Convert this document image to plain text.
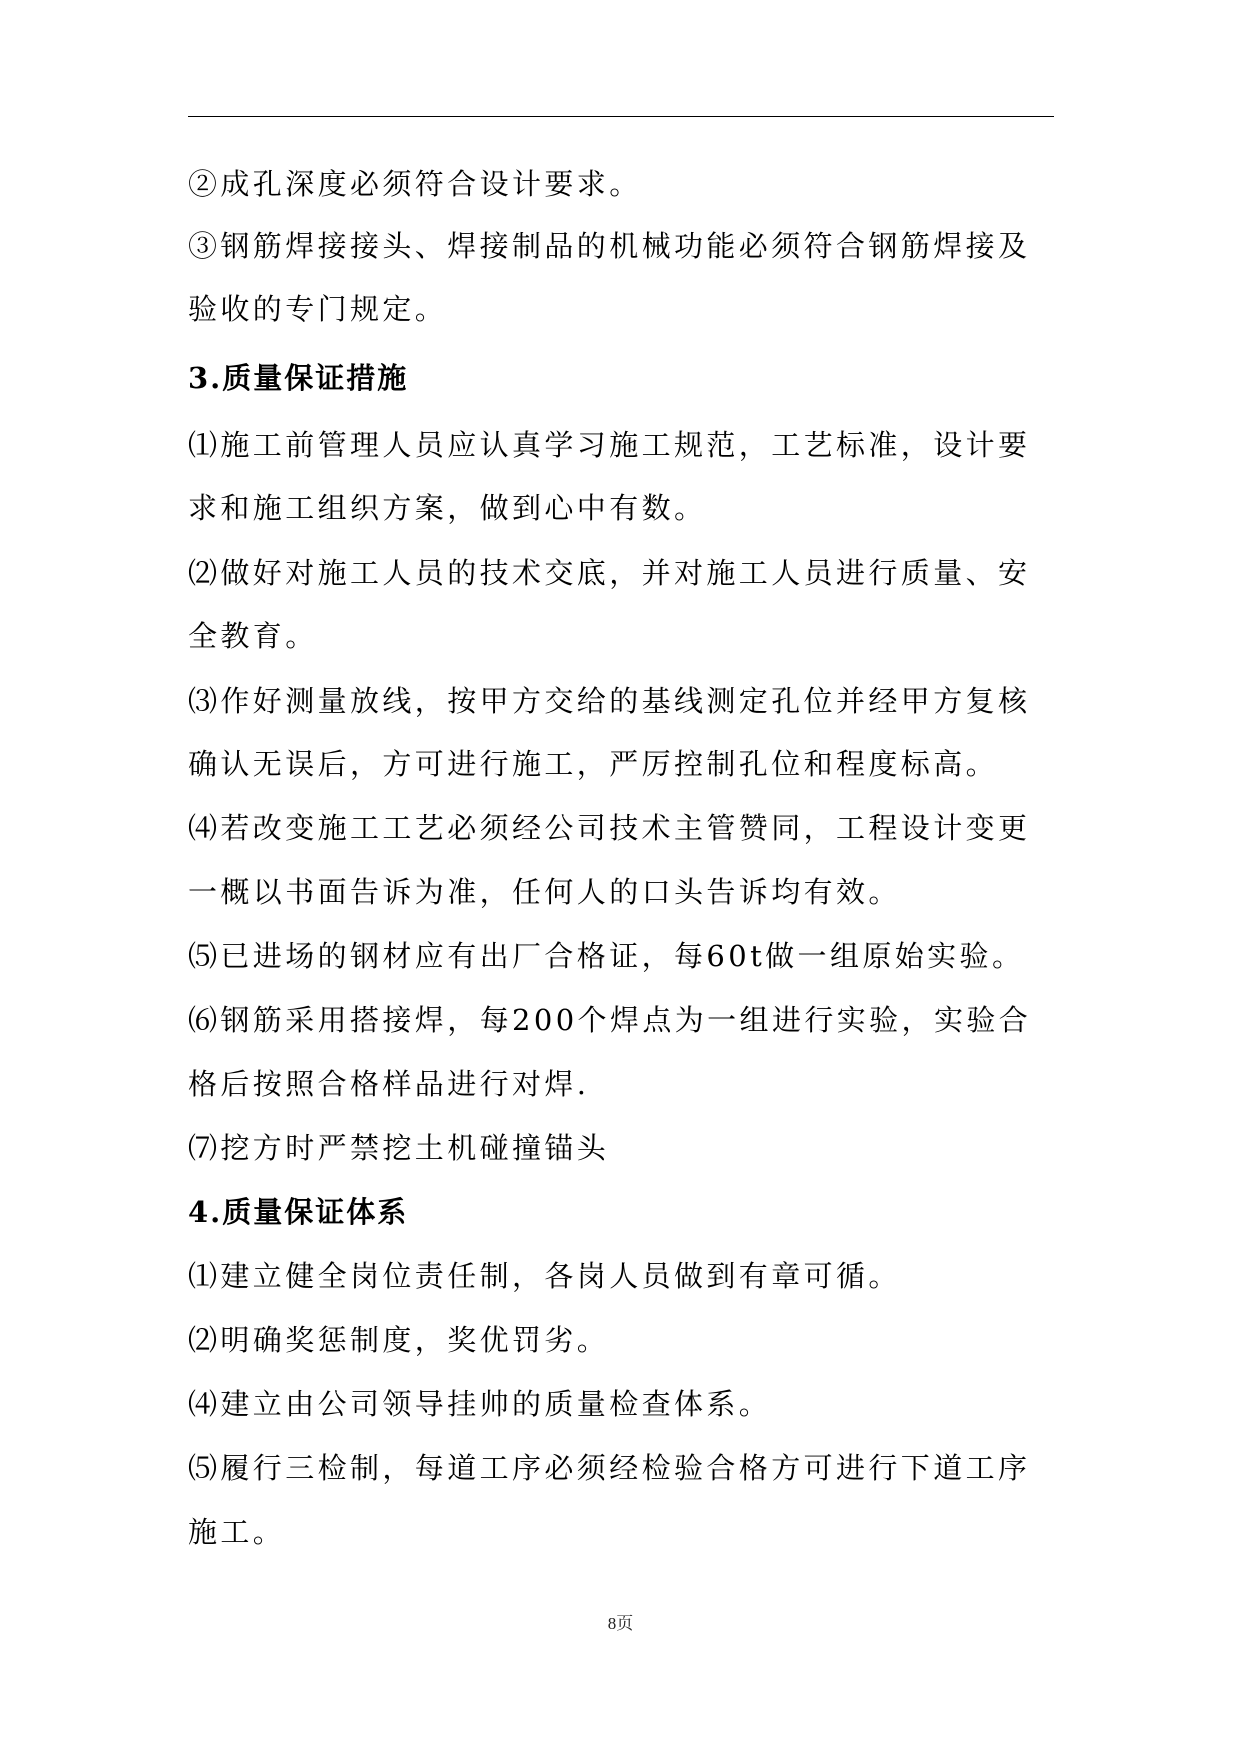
②成孔深度必须符合设计要求。
③钢筋焊接接头、焊接制品的机械功能必须符合钢筋焊接及
验收的专门规定。
3.质量保证措施
⑴施工前管理人员应认真学习施工规范，工艺标准，设计要
求和施工组织方案，做到心中有数。
⑵做好对施工人员的技术交底，并对施工人员进行质量、安
全教育。
⑶作好测量放线，按甲方交给的基线测定孔位并经甲方复核
确认无误后，方可进行施工，严厉控制孔位和程度标高。
⑷若改变施工工艺必须经公司技术主管赞同，工程设计变更
一概以书面告诉为准，任何人的口头告诉均有效。
⑸已进场的钢材应有出厂合格证，每60t做一组原始实验。
⑹钢筋采用搭接焊，每200个焊点为一组进行实验，实验合
格后按照合格样品进行对焊.
⑺挖方时严禁挖土机碰撞锚头
4.质量保证体系
⑴建立健全岗位责任制，各岗人员做到有章可循。
⑵明确奖惩制度，奖优罚劣。
⑷建立由公司领导挂帅的质量检查体系。
⑸履行三检制，每道工序必须经检验合格方可进行下道工序
施工。
8页
